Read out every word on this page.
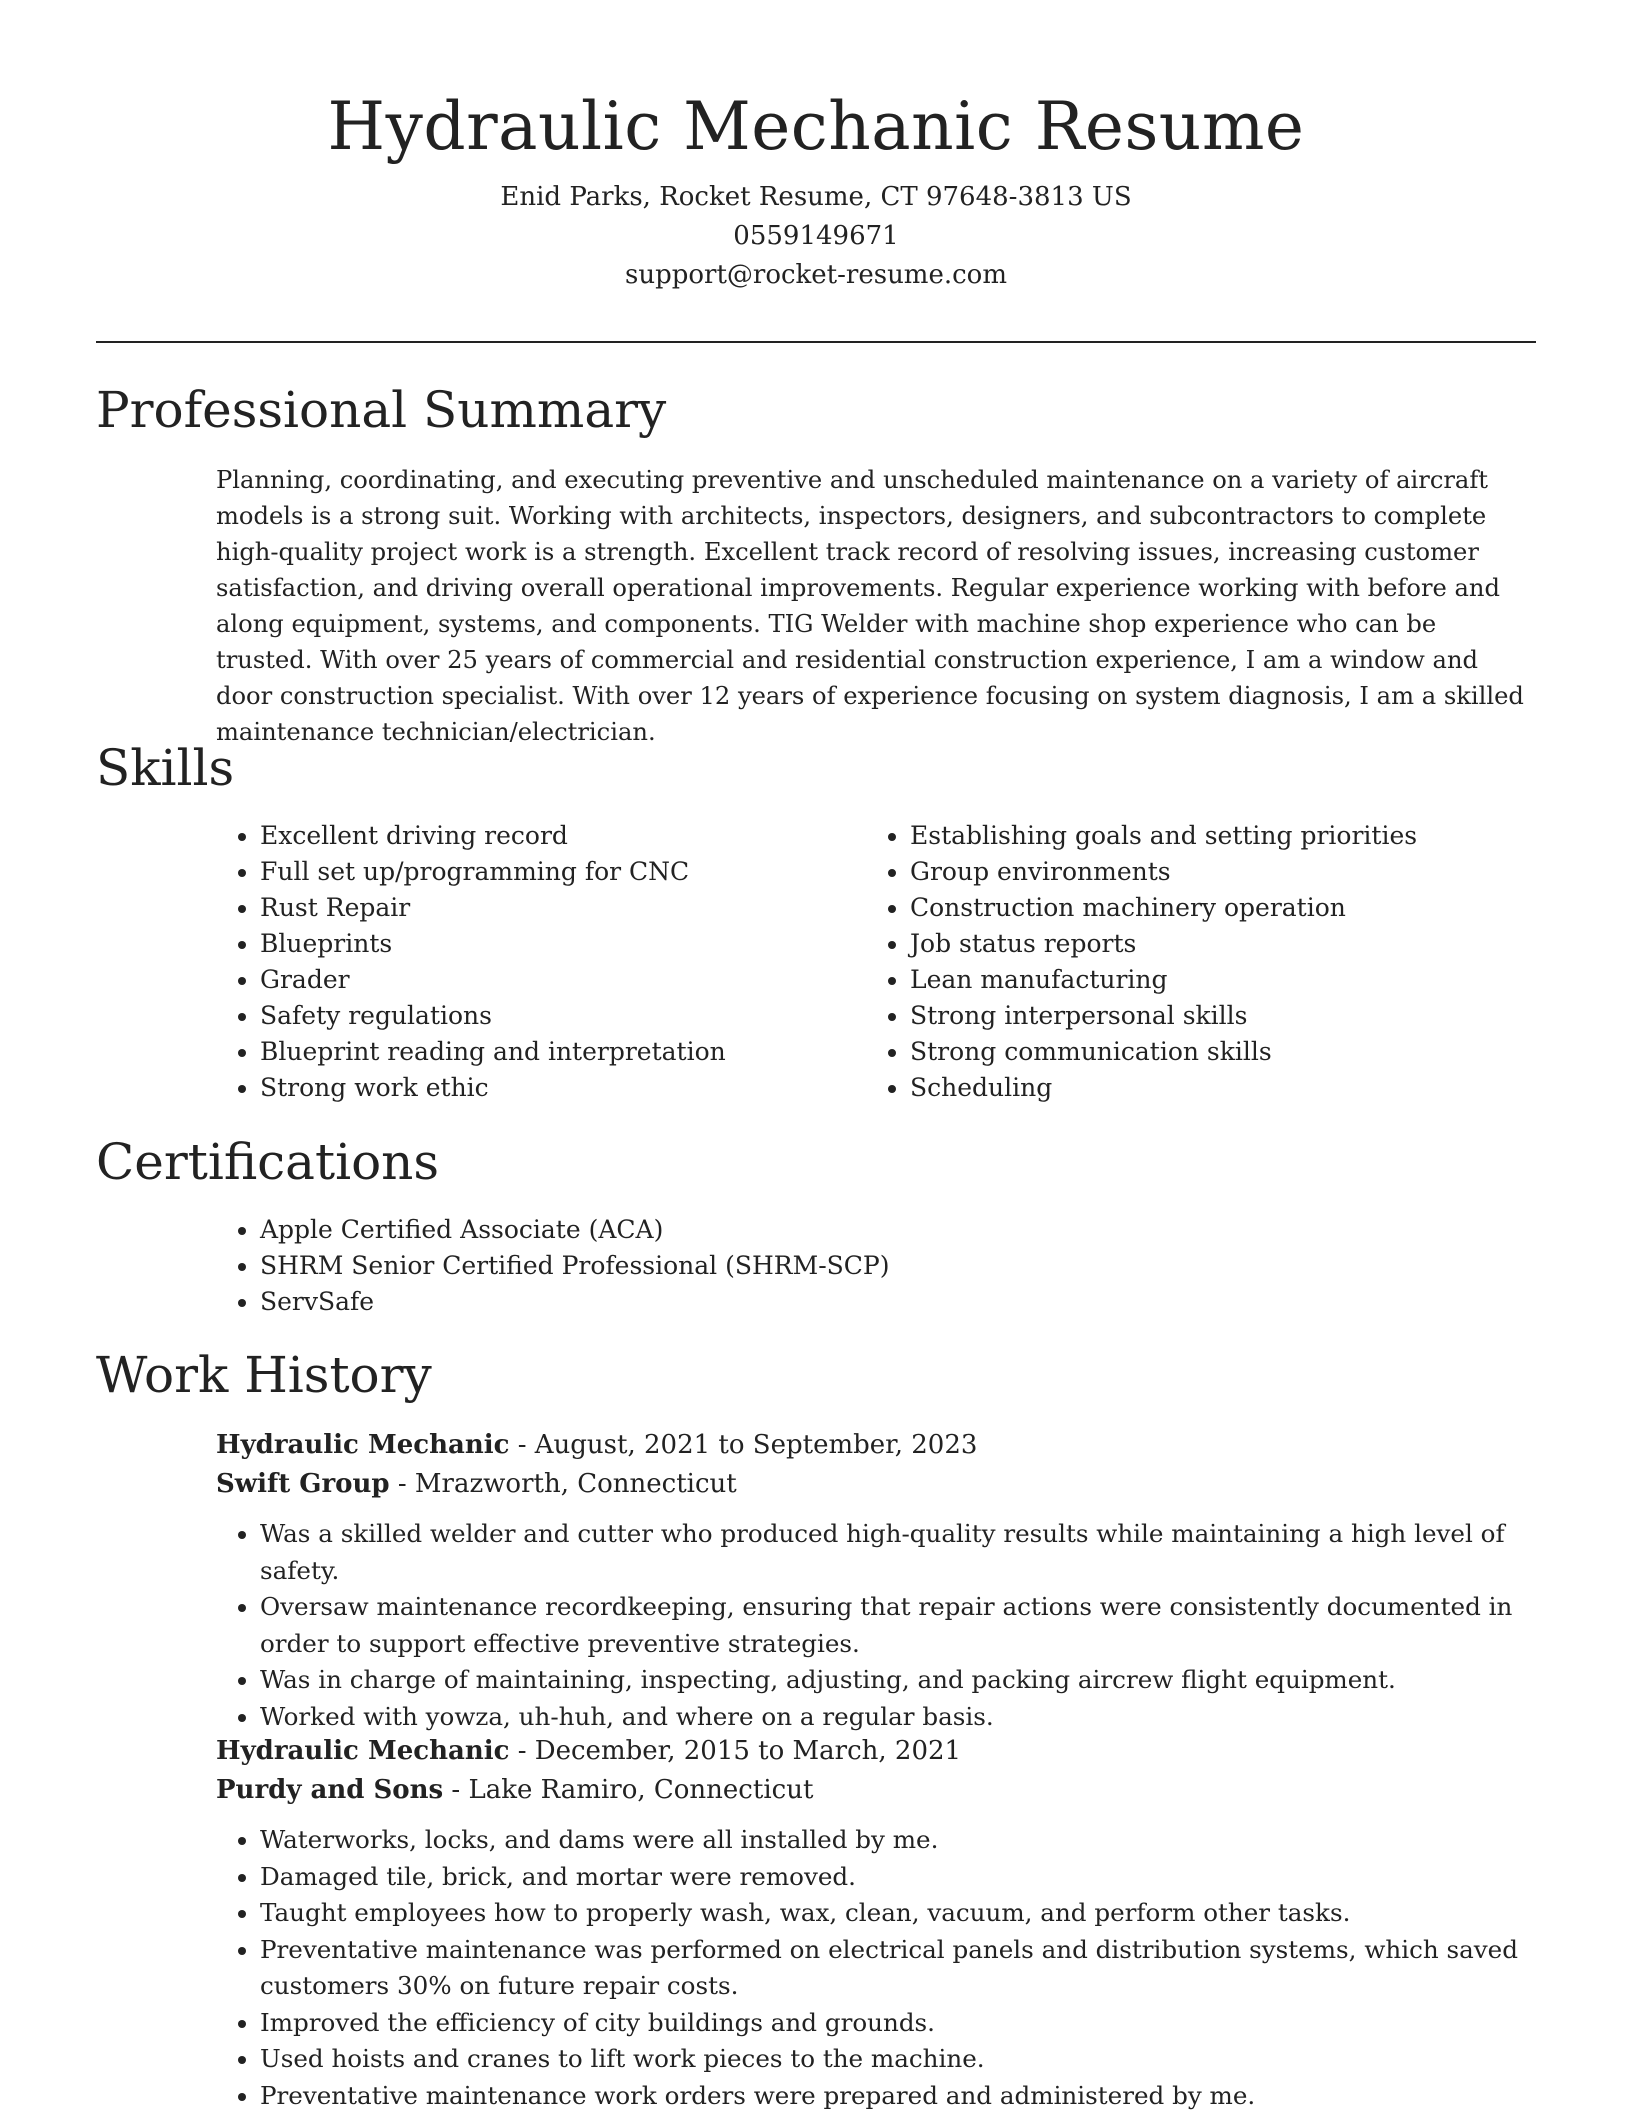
Hydraulic Mechanic Resume
Enid Parks, Rocket Resume, CT 97648-3813 US
0559149671
support@rocket-resume.com
Professional Summary

Planning, coordinating, and executing preventive and unscheduled maintenance on a variety of aircraft models is a strong suit. Working with architects, inspectors, designers, and subcontractors to complete high-quality project work is a strength. Excellent track record of resolving issues, increasing customer satisfaction, and driving overall operational improvements. Regular experience working with before and along equipment, systems, and components. TIG Welder with machine shop experience who can be trusted. With over 25 years of commercial and residential construction experience, I am a window and door construction specialist. With over 12 years of experience focusing on system diagnosis, I am a skilled maintenance technician/electrician.

Skills
• Excellent driving record
• Full set up/programming for CNC
• Rust Repair
• Blueprints
• Grader
• Safety regulations
• Blueprint reading and interpretation
• Strong work ethic
• Establishing goals and setting priorities
• Group environments
• Construction machinery operation
• Job status reports
• Lean manufacturing
• Strong interpersonal skills
• Strong communication skills
• Scheduling
Certifications
• Apple Certified Associate (ACA)
• SHRM Senior Certified Professional (SHRM-SCP)
• ServSafe
Work History
Hydraulic Mechanic - August, 2021 to September, 2023
Swift Group - Mrazworth, Connecticut
• Was a skilled welder and cutter who produced high-quality results while maintaining a high level of safety.
• Oversaw maintenance recordkeeping, ensuring that repair actions were consistently documented in order to support effective preventive strategies.
• Was in charge of maintaining, inspecting, adjusting, and packing aircrew flight equipment.
• Worked with yowza, uh-huh, and where on a regular basis.
Hydraulic Mechanic - December, 2015 to March, 2021
Purdy and Sons - Lake Ramiro, Connecticut
• Waterworks, locks, and dams were all installed by me.
• Damaged tile, brick, and mortar were removed.
• Taught employees how to properly wash, wax, clean, vacuum, and perform other tasks.
• Preventative maintenance was performed on electrical panels and distribution systems, which saved customers 30% on future repair costs.
• Improved the efficiency of city buildings and grounds.
• Used hoists and cranes to lift work pieces to the machine.
• Preventative maintenance work orders were prepared and administered by me.
